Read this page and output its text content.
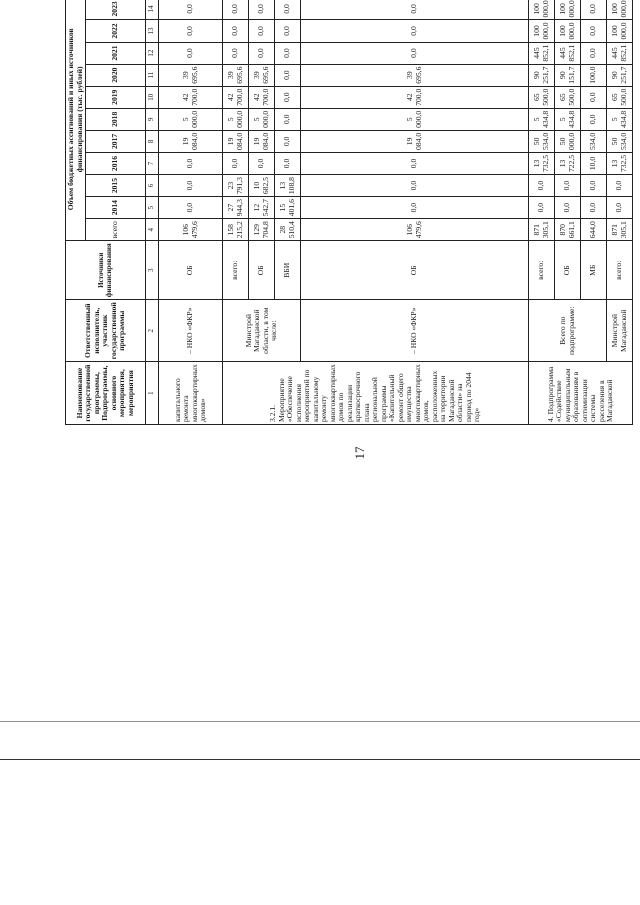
17
Наименование государственной программы, Подпрограммы, основного мероприятия, мероприятия	Ответственный исполнитель, участник государственной программы	Источники финансирования	Объем бюджетных ассигнований и иных источников финансирования (тыс. рублей)										
			всего	2014	2015	2016	2017	2018	2019	2020	2021	2022	2023
1	2	3	4	5	6	7	8	9	10	11	12	13	14
капитального ремонта многоквартирных домов»	– НКО «ФКР»	ОБ	106 479,6	0,0	0,0	0,0	19 084,0	5 000,0	42 700,0	39 695,6	0,0	0,0	0,0
3.2.1. Мероприятие «Обеспечение исполнения мероприятий по капитальному ремонту многоквартирных домов по реализации краткосрочного плана региональной программы «Капитальный ремонт общего имущества многоквартирных домов, расположенных на территории Магаданской области» на период по 2044 год»	Минстрой Магаданской области, в том числе:	всего:	158 215,2	27 944,3	23 791,3	0,0	19 084,0	5 000,0	42 700,0	39 695,6	0,0	0,0	0,0
		ОБ	129 704,8	12 542,7	10 682,5	0,0	19 084,0	5 000,0	42 700,0	39 695,6	0,0	0,0	0,0
		ВБИ	28 510,4	15 401,6	13 108,8	0,0	0,0	0,0	0,0	0,0	0,0	0,0	0,0
	– НКО «ФКР»	ОБ	106 479,6	0,0	0,0	0,0	19 084,0	5 000,0	42 700,0	39 695,6	0,0	0,0	0,0
4. Подпрограмма «Содействие муниципальным образованиям в оптимизации системы расселения в Магаданской	Всего по подпрограмме:	всего:	871 305,1	0,0	0,0	13 732,5	50 534,0	5 434,8	65 500,0	90 251,7	445 852,1	100 000,0	100 000,0
		ОБ	870 661,1	0,0	0,0	13 722,5	50 000,0	5 434,8	65 500,0	90 151,7	445 852,1	100 000,0	100 000,0
		МБ	644,0	0,0	0,0	10,0	534,0	0,0	0,0	100,0	0,0	0,0	0,0
	Минстрой Магаданской	всего:	871 305,1	0,0	0,0	13 732,5	50 534,0	5 434,8	65 500,0	90 251,7	445 852,1	100 000,0	100 000,0
